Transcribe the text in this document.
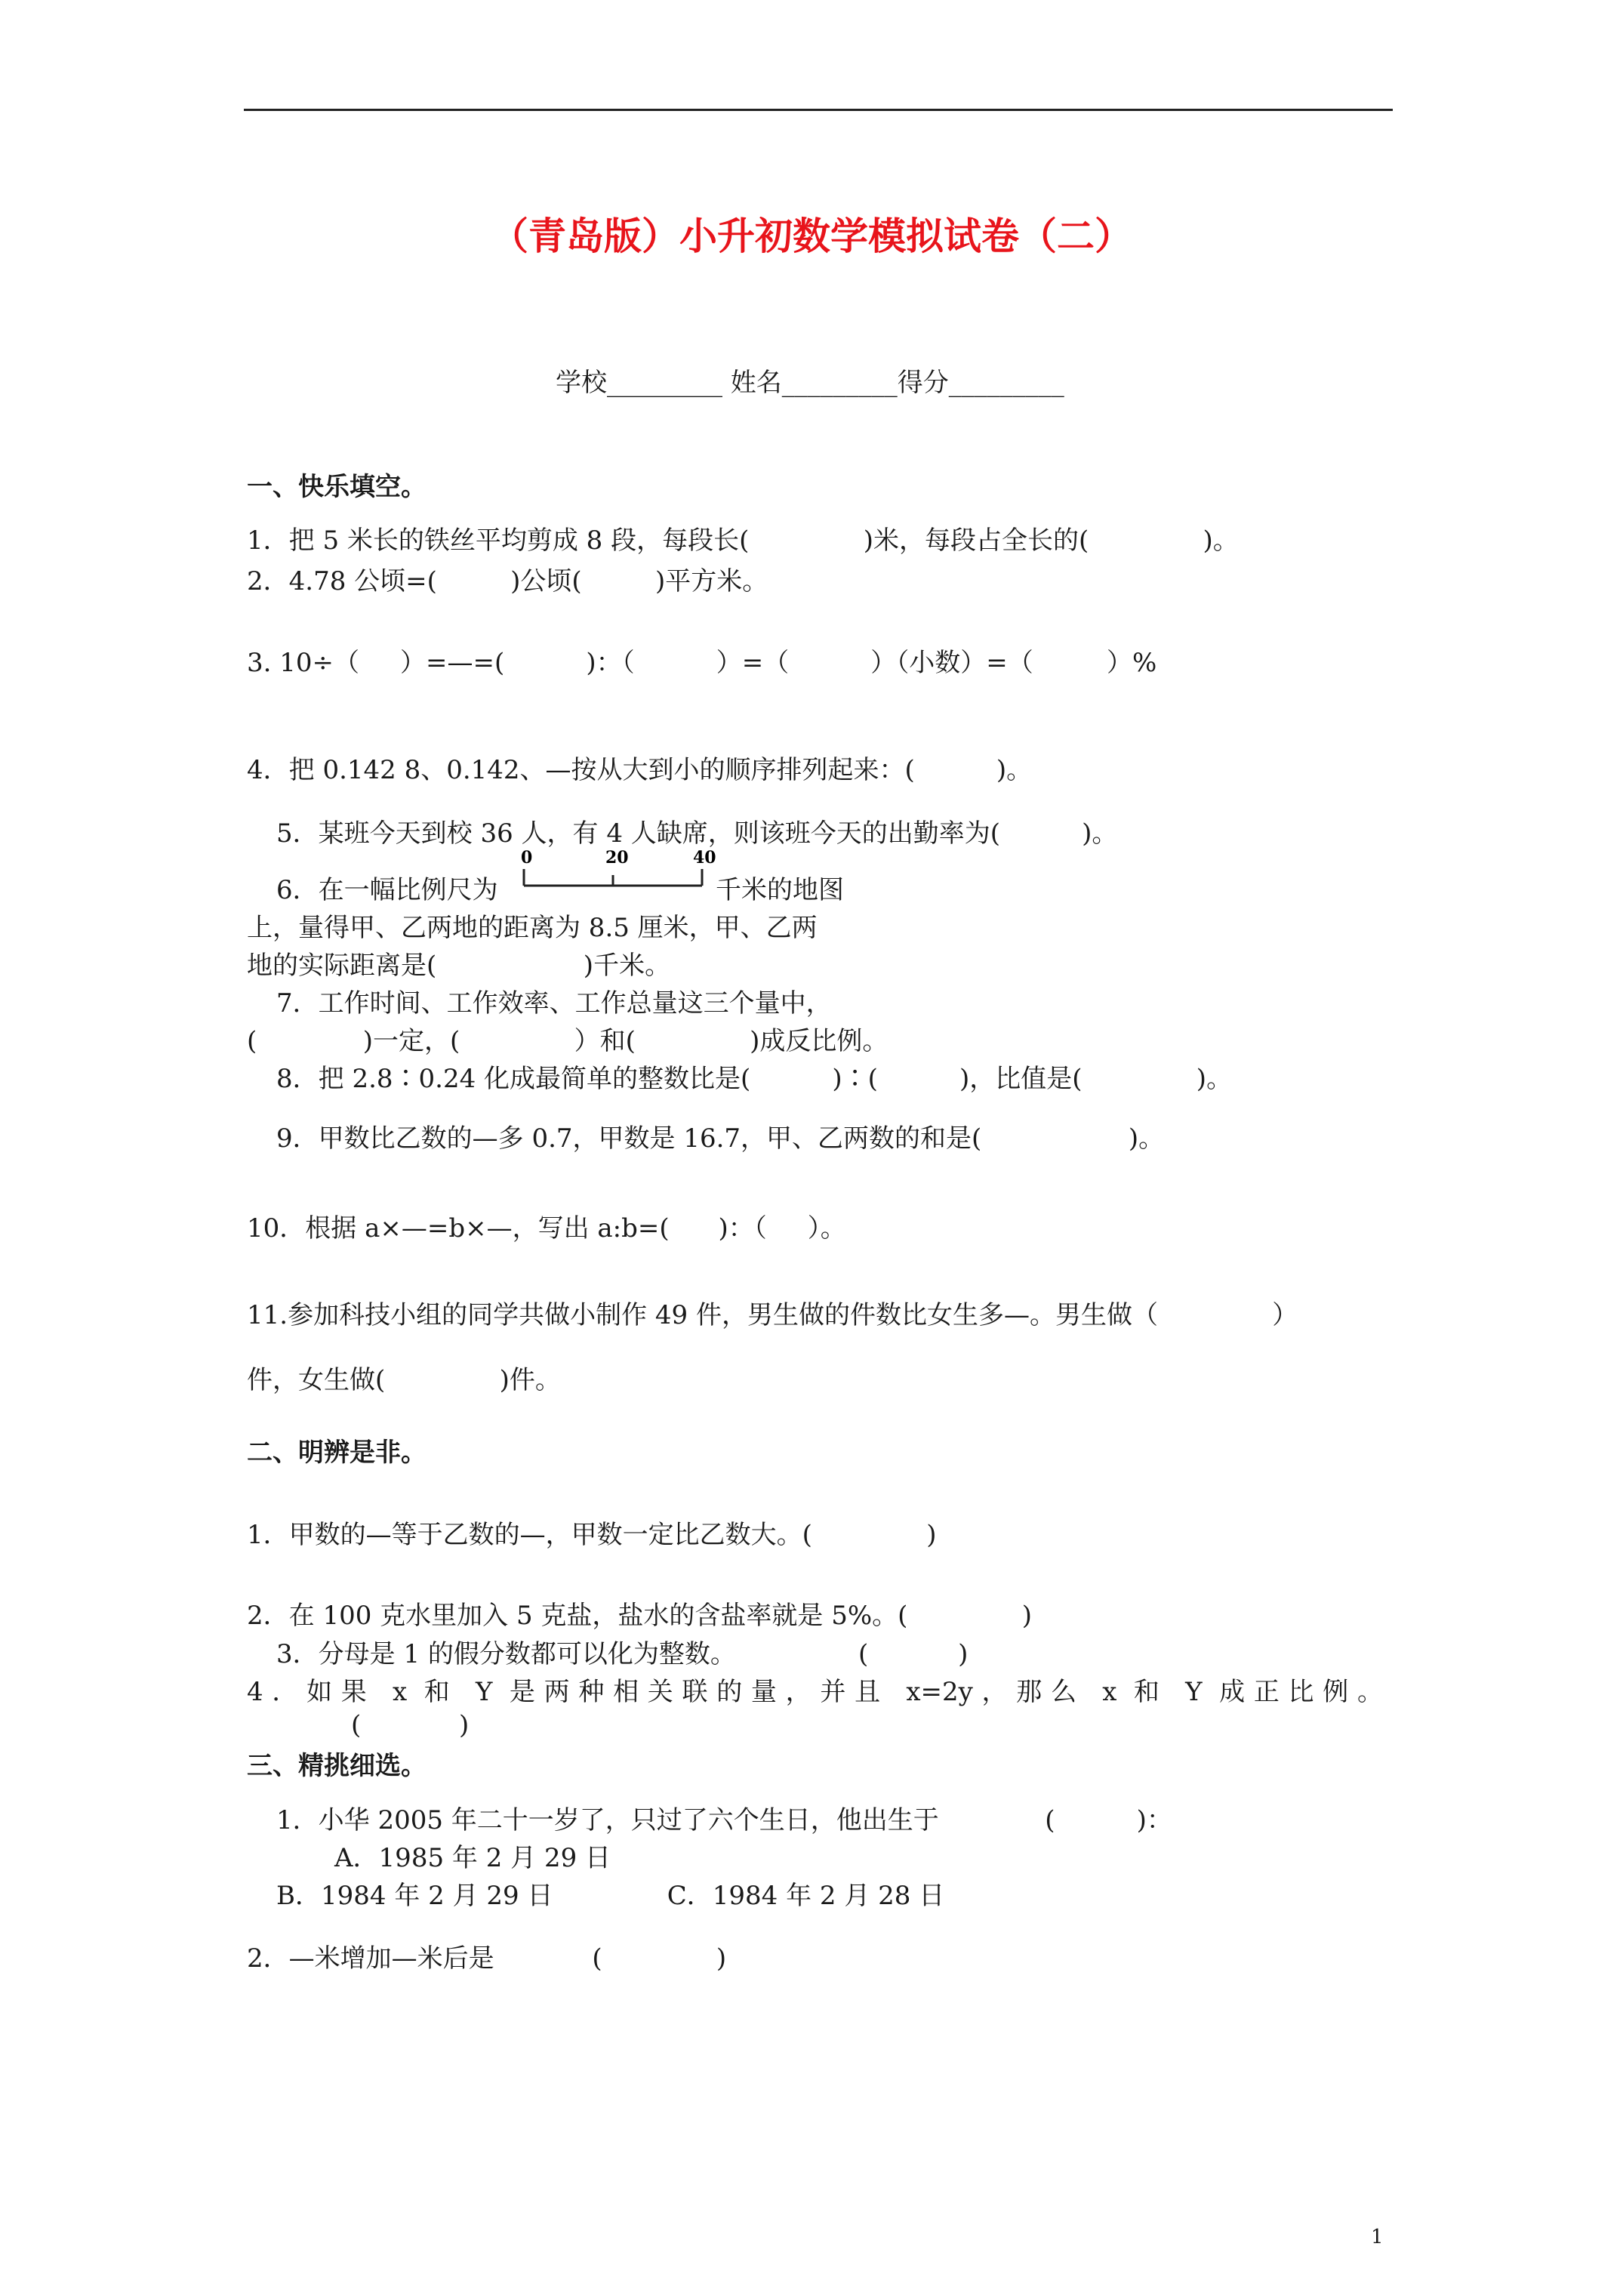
（青岛版）小升初数学模拟试卷（二）
学校_________ 姓名_________得分_________
一、快乐填空。
1．把 5 米长的铁丝平均剪成 8 段，每段长(              )米，每段占全长的(              )。
2．4.78 公顷=(         )公顷(         )平方米。
3. 10÷（     ）=—=(          )：（          ）=（          ）（小数）=（         ）%
4．把 0.142 8、0.142、—按从大到小的顺序排列起来：(          )。
5．某班今天到校 36 人，有 4 人缺席，则该班今天的出勤率为(          )。
6．在一幅比例尺为
0	20	40
千米的地图
上，量得甲、乙两地的距离为 8.5 厘米，甲、乙两
地的实际距离是(                  )千米。
7．工作时间、工作效率、工作总量这三个量中，
(             )一定，(              ）和(              )成反比例。
8．把 2.8∶0.24 化成最简单的整数比是(          )∶(          )，比值是(              )。
9．甲数比乙数的—多 0.7，甲数是 16.7，甲、乙两数的和是(                  )。
10．根据 a×—=b×—，写出 a:b=(      )：（     ）。
11.参加科技小组的同学共做小制作 49 件，男生做的件数比女生多—。男生做（              ）
件，女生做(              )件。
二、明辨是非。
1．甲数的—等于乙数的—，甲数一定比乙数大。(              )
2．在 100 克水里加入 5 克盐，盐水的含盐率就是 5%。(              )
3．分母是 1 的假分数都可以化为整数。               (           )
4．如果 x 和 Y 是两种相关联的量，并且 x=2y，那么 x 和 Y 成正比例。
(            )
三、精挑细选。
1．小华 2005 年二十一岁了，只过了六个生日，他出生于             (          )：
A．1985 年 2 月 29 日
B．1984 年 2 月 29 日              C．1984 年 2 月 28 日
2．—米增加—米后是            (              )
1
